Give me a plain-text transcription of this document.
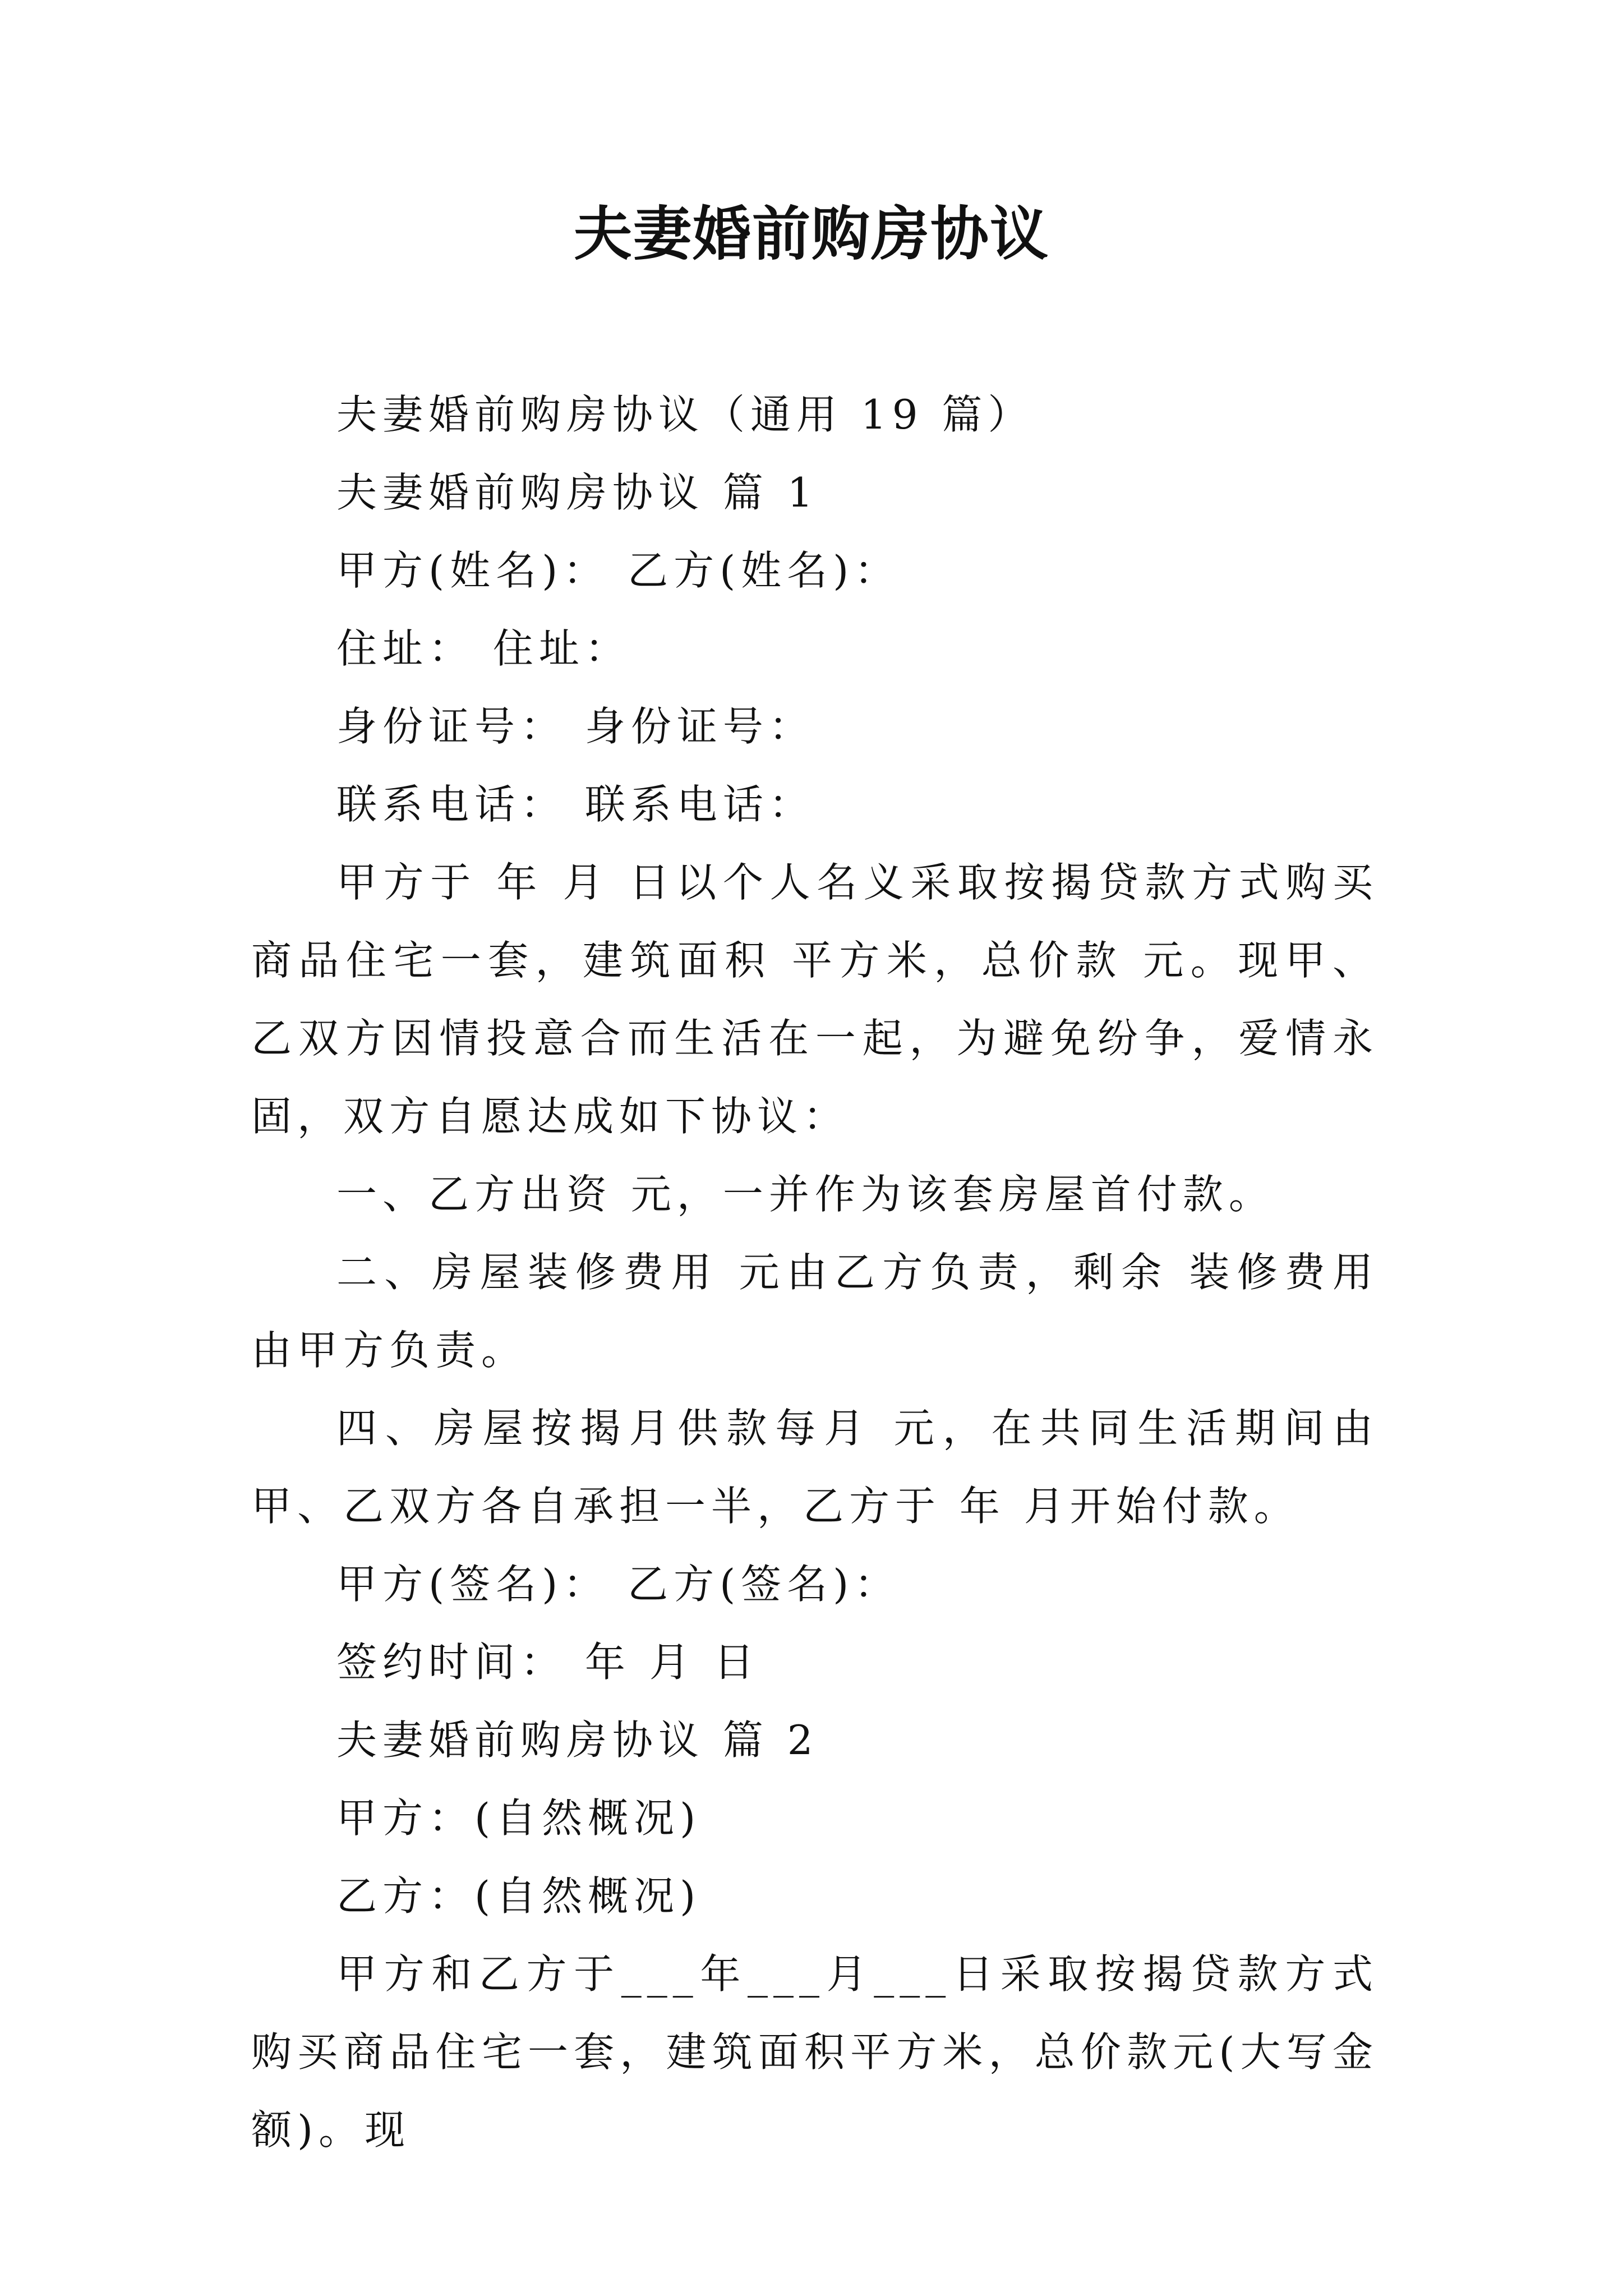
夫妻婚前购房协议

夫妻婚前购房协议（通用 19 篇）

夫妻婚前购房协议 篇 1

甲方(姓名)： 乙方(姓名)：

住址： 住址：

身份证号： 身份证号：

联系电话： 联系电话：

甲方于 年 月 日以个人名义采取按揭贷款方式购买商品住宅一套，建筑面积 平方米，总价款 元。现甲、乙双方因情投意合而生活在一起，为避免纷争，爱情永固，双方自愿达成如下协议：

一、乙方出资 元，一并作为该套房屋首付款。

二、房屋装修费用 元由乙方负责，剩余 装修费用由甲方负责。

四、房屋按揭月供款每月 元，在共同生活期间由甲、乙双方各自承担一半，乙方于 年 月开始付款。

甲方(签名)： 乙方(签名)：

签约时间： 年 月 日

夫妻婚前购房协议 篇 2

甲方：(自然概况)

乙方：(自然概况)

甲方和乙方于___年___月___日采取按揭贷款方式购买商品住宅一套，建筑面积平方米，总价款元(大写金额)。现
